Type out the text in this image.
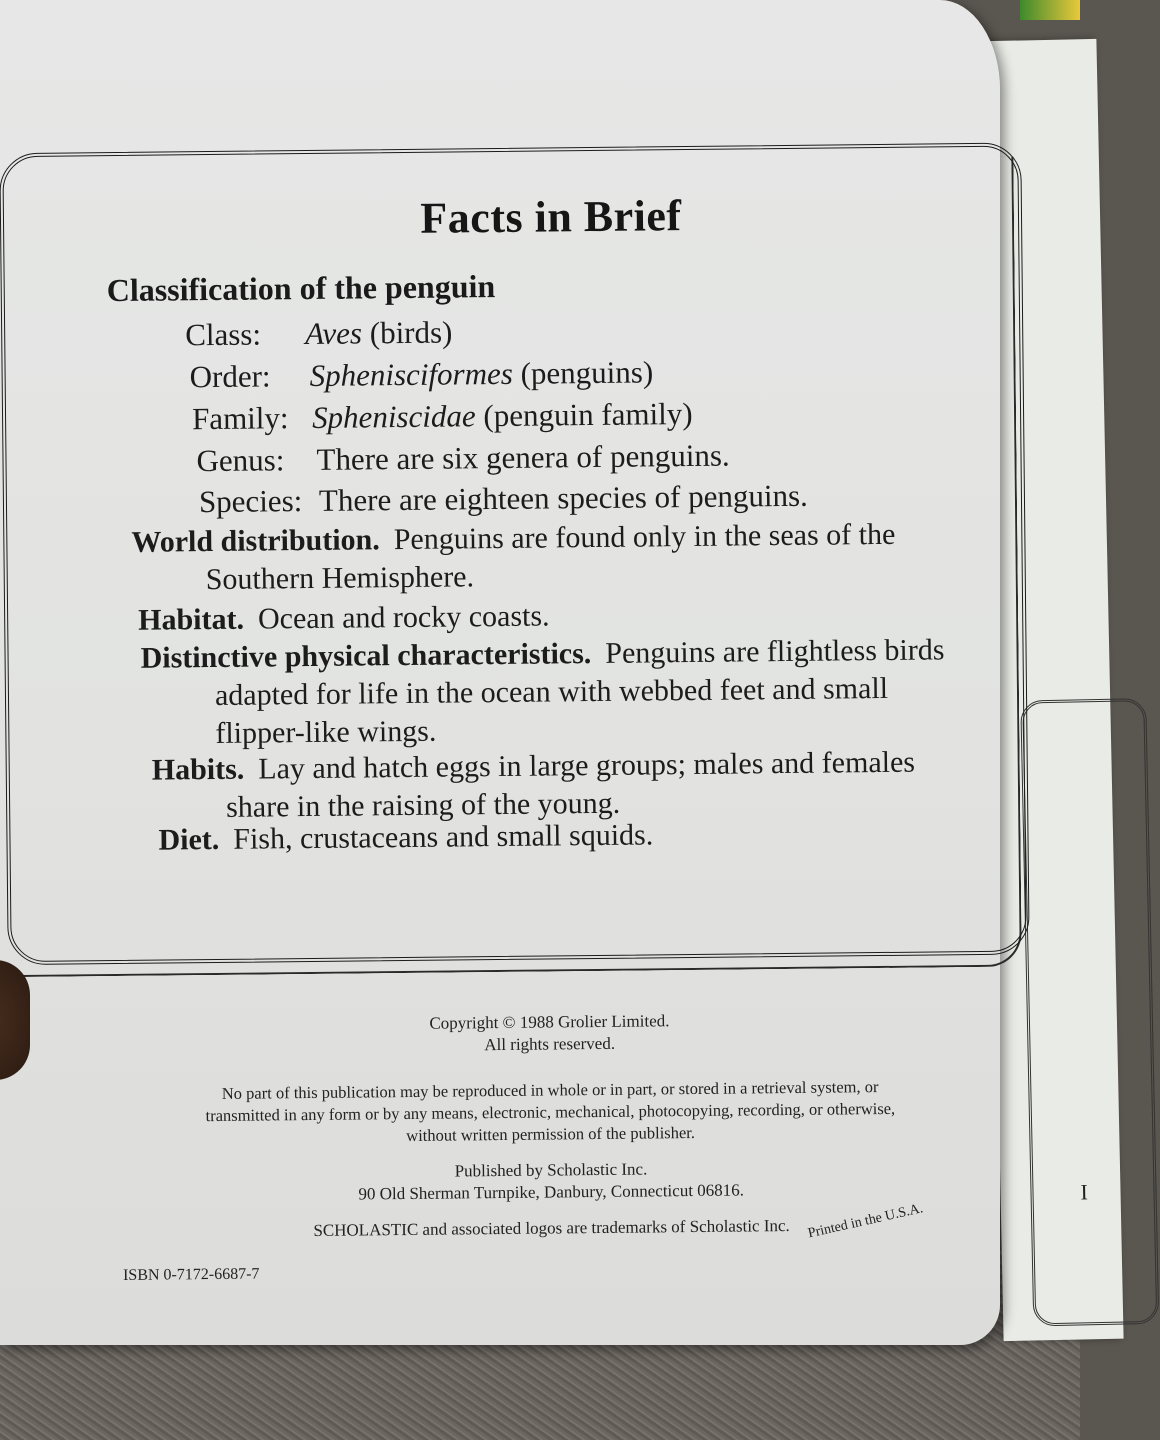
I
Facts in Brief
Classification of the penguin
Class: Aves (birds)
Order: Sphenisciformes (penguins)
Family: Spheniscidae (penguin family)
Genus: There are six genera of penguins.
Species: There are eighteen species of penguins.
World distribution. Penguins are found only in the seas of the
Southern Hemisphere.
Habitat. Ocean and rocky coasts.
Distinctive physical characteristics. Penguins are flightless birds
adapted for life in the ocean with webbed feet and small
flipper-like wings.
Habits. Lay and hatch eggs in large groups; males and females
share in the raising of the young.
Diet. Fish, crustaceans and small squids.
Copyright © 1988 Grolier Limited.
All rights reserved.
No part of this publication may be reproduced in whole or in part, or stored in a retrieval system, or
transmitted in any form or by any means, electronic, mechanical, photocopying, recording, or otherwise,
without written permission of the publisher.
Published by Scholastic Inc.
90 Old Sherman Turnpike, Danbury, Connecticut 06816.
SCHOLASTIC and associated logos are trademarks of Scholastic Inc.
ISBN 0-7172-6687-7
Printed in the U.S.A.
